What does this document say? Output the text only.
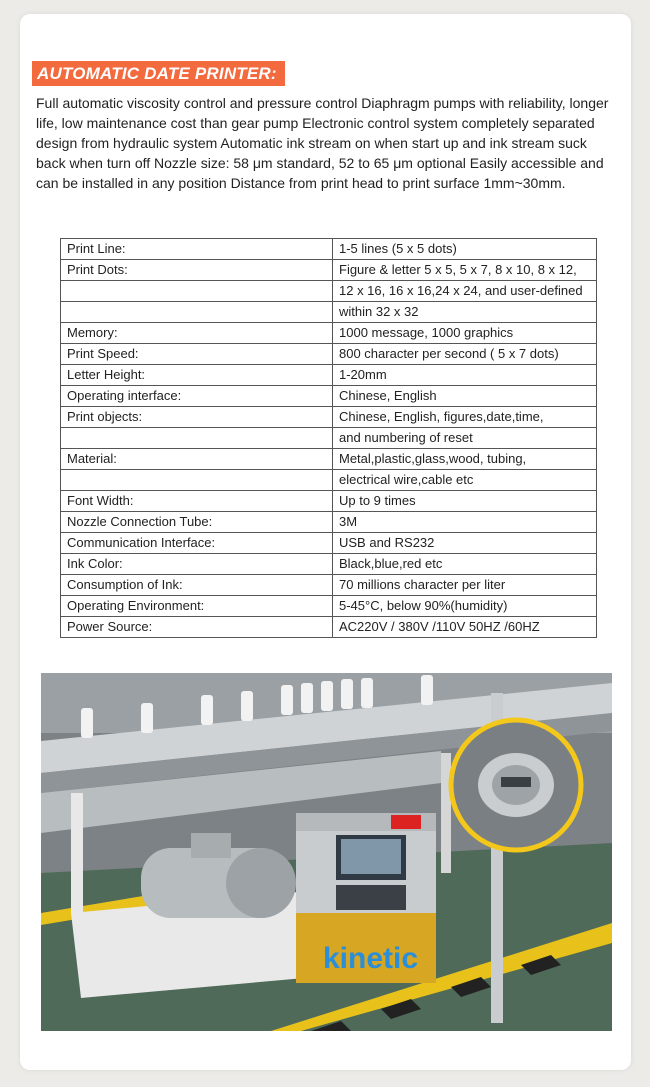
AUTOMATIC DATE PRINTER:
Full automatic viscosity control and pressure control Diaphragm pumps with reliability, longer life, low maintenance cost than gear pump Electronic control system completely separated design from hydraulic system Automatic ink stream on when start up and ink stream suck back when turn off Nozzle size: 58 μm standard, 52 to 65 μm optional Easily accessible and can be installed in any position Distance from print head to print surface 1mm~30mm.
Print Line:	1-5 lines (5 x 5 dots)
Print Dots:	Figure & letter 5 x 5, 5 x 7, 8 x 10, 8 x 12,
	12 x 16, 16 x 16,24 x 24, and user-defined
	within 32 x 32
Memory:	1000 message, 1000 graphics
Print Speed:	800 character per second ( 5 x 7 dots)
Letter Height:	1-20mm
Operating interface:	Chinese, English
Print objects:	Chinese, English, figures,date,time,
	and numbering of reset
Material:	Metal,plastic,glass,wood, tubing,
	electrical wire,cable etc
Font Width:	Up to 9 times
Nozzle Connection Tube:	3M
Communication Interface:	USB and RS232
Ink Color:	Black,blue,red etc
Consumption of Ink:	70 millions character per liter
Operating Environment:	5-45°C, below 90%(humidity)
Power Source:	AC220V / 380V /110V 50HZ /60HZ
kinetic
